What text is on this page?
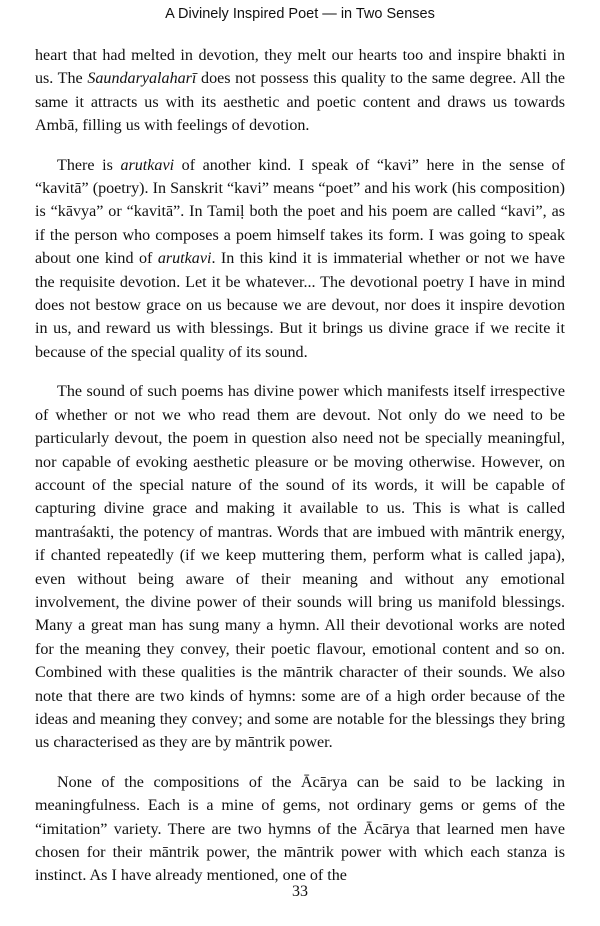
A Divinely Inspired Poet — in Two Senses

heart that had melted in devotion, they melt our hearts too and inspire bhakti in us. The Saundaryalaharī does not possess this quality to the same degree. All the same it attracts us with its aesthetic and poetic content and draws us towards Ambā, filling us with feelings of devotion.

There is arutkavi of another kind. I speak of “kavi” here in the sense of “kavitā” (poetry). In Sanskrit “kavi” means “poet” and his work (his composition) is “kāvya” or “kavitā”. In Tamiḷ both the poet and his poem are called “kavi”, as if the person who composes a poem himself takes its form. I was going to speak about one kind of arutkavi. In this kind it is immaterial whether or not we have the requisite devotion. Let it be whatever... The devotional poetry I have in mind does not bestow grace on us because we are devout, nor does it inspire devotion in us, and reward us with blessings. But it brings us divine grace if we recite it because of the special quality of its sound.

The sound of such poems has divine power which manifests itself irrespective of whether or not we who read them are devout. Not only do we need to be particularly devout, the poem in question also need not be specially meaningful, nor capable of evoking aesthetic pleasure or be moving otherwise. However, on account of the special nature of the sound of its words, it will be capable of capturing divine grace and making it available to us. This is what is called mantraśakti, the potency of mantras. Words that are imbued with māntrik energy, if chanted repeatedly (if we keep muttering them, perform what is called japa), even without being aware of their meaning and without any emotional involvement, the divine power of their sounds will bring us manifold blessings. Many a great man has sung many a hymn. All their devotional works are noted for the meaning they convey, their poetic flavour, emotional content and so on. Combined with these qualities is the māntrik character of their sounds. We also note that there are two kinds of hymns: some are of a high order because of the ideas and meaning they convey; and some are notable for the blessings they bring us characterised as they are by māntrik power.

None of the compositions of the Ācārya can be said to be lacking in meaningfulness. Each is a mine of gems, not ordinary gems or gems of the “imitation” variety. There are two hymns of the Ācārya that learned men have chosen for their māntrik power, the māntrik power with which each stanza is instinct. As I have already mentioned, one of the

33
